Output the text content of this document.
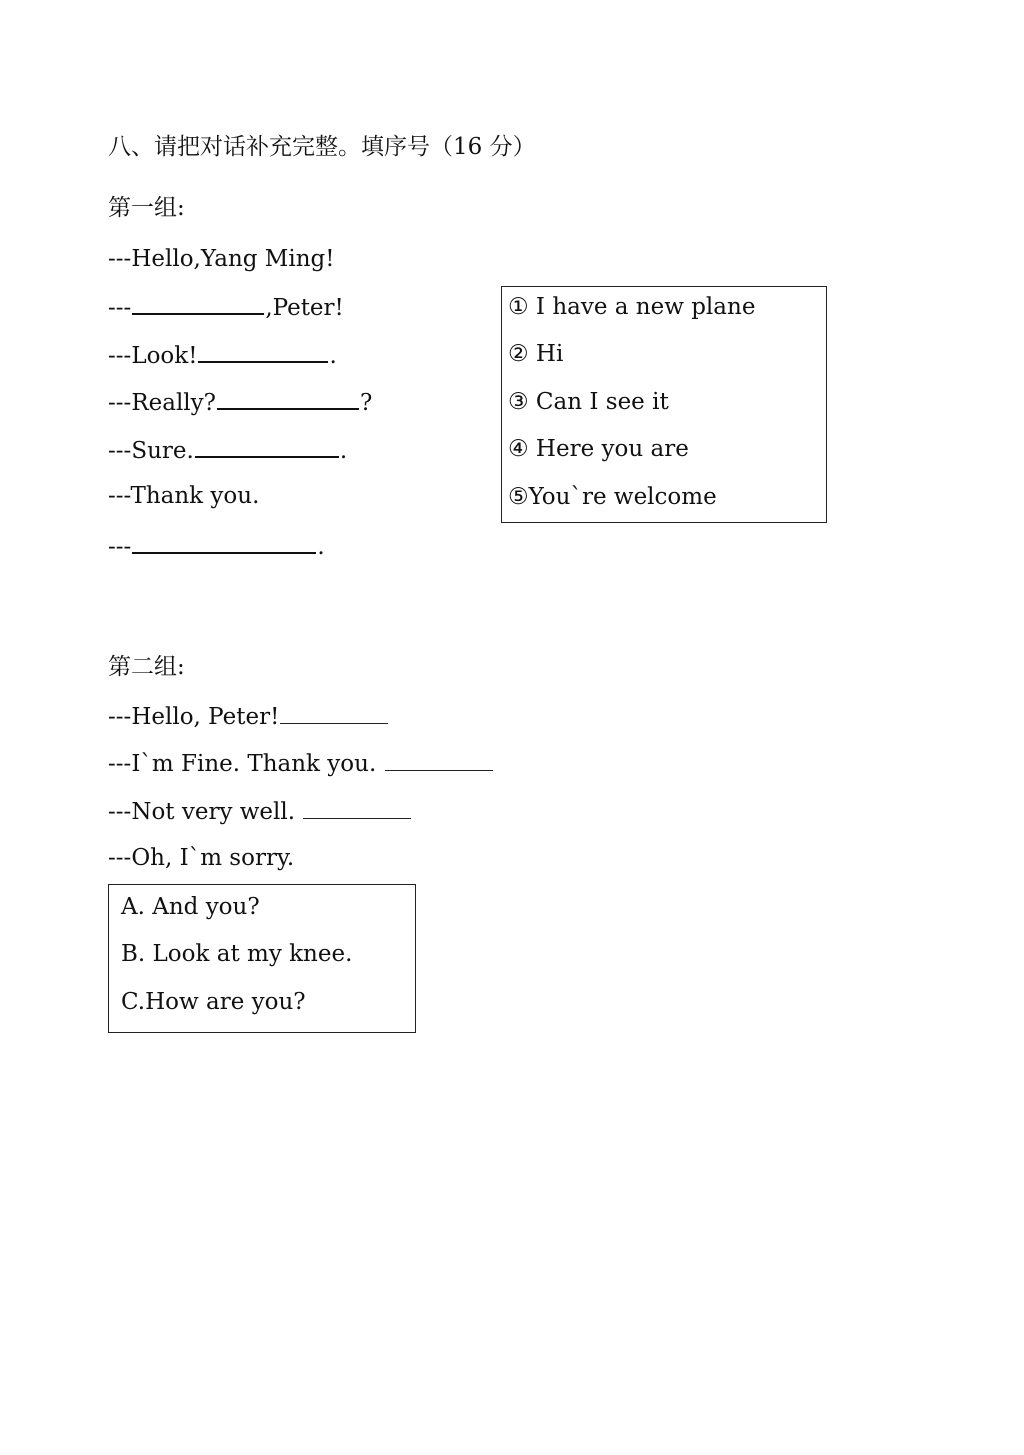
八、请把对话补充完整。填序号（16 分）
第一组:
---Hello,Yang Ming!
---	,Peter!
---Look!	.
---Really?	?
---Sure.	.
---Thank you.
---	.
① I have a new plane
② Hi
③ Can I see it
④ Here you are
⑤You`re welcome
第二组:
---Hello, Peter!
---I`m Fine. Thank you.
---Not very well.
---Oh, I`m sorry.
A. And you?
B. Look at my knee.
C.How are you?
